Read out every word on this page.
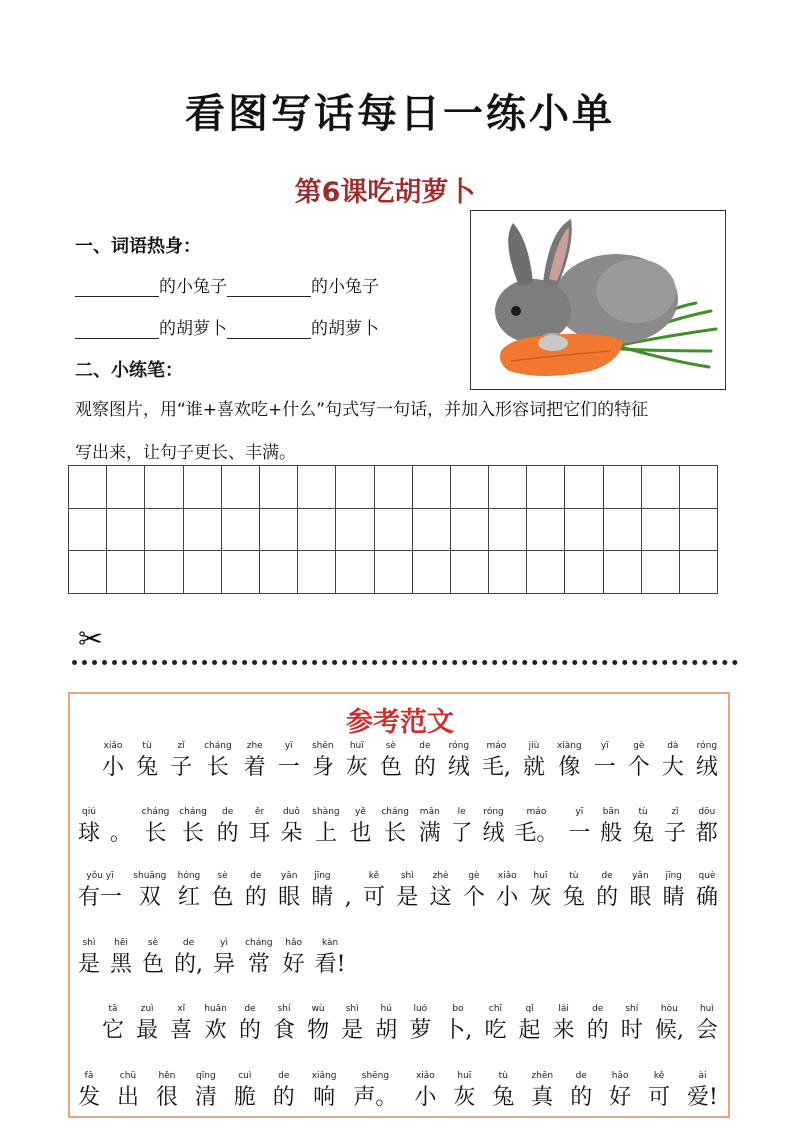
看图写话每日一练小单
第6课吃胡萝卜
一、词语热身：
的小兔子	的小兔子
的胡萝卜	的胡萝卜
二、小练笔：
观察图片，用“谁+喜欢吃+什么”句式写一句话，并加入形容词把它们的特征
写出来，让句子更长、丰满。

✂
参考范文
xiǎo
小
tù
兔
zǐ
子
cháng
长
zhe
着
yī
一
shēn
身
huī
灰
sè
色
de
的
róng
绒
máo
毛,
jiù
就
xiàng
像
yī
一
gè
个
dà
大
róng
绒
qiú
球 。
cháng
长
cháng
长
de
的
ěr
耳
duǒ
朵
shàng
上
yě
也
cháng
长
mǎn
满
le
了
róng
绒
máo
毛。
yī
一
bān
般
tù
兔
zǐ
子
dōu
都
yǒu yī
有一
shuāng
双
hóng
红
sè
色
de
的
yǎn
眼
jīng
睛 ,
kě
可
shì
是
zhè
这
gè
个
xiǎo
小
huī
灰
tù
兔
de
的
yǎn
眼
jīng
睛
què
确
shì
是
hēi
黑
sè
色
de
的,
yì
异
cháng
常
hǎo
好
kàn
看!
tā
它
zuì
最
xǐ
喜
huān
欢
de
的
shí
食
wù
物
shì
是
hú
胡
luó
萝
bo
卜,
chī
吃
qǐ
起
lái
来
de
的
shí
时
hòu
候,
huì
会
fā
发
chū
出
hěn
很
qīng
清
cuì
脆
de
的
xiǎng
响
shēng
声。
xiǎo
小
huī
灰
tù
兔
zhēn
真
de
的
hǎo
好
kě
可
ài
爱!
